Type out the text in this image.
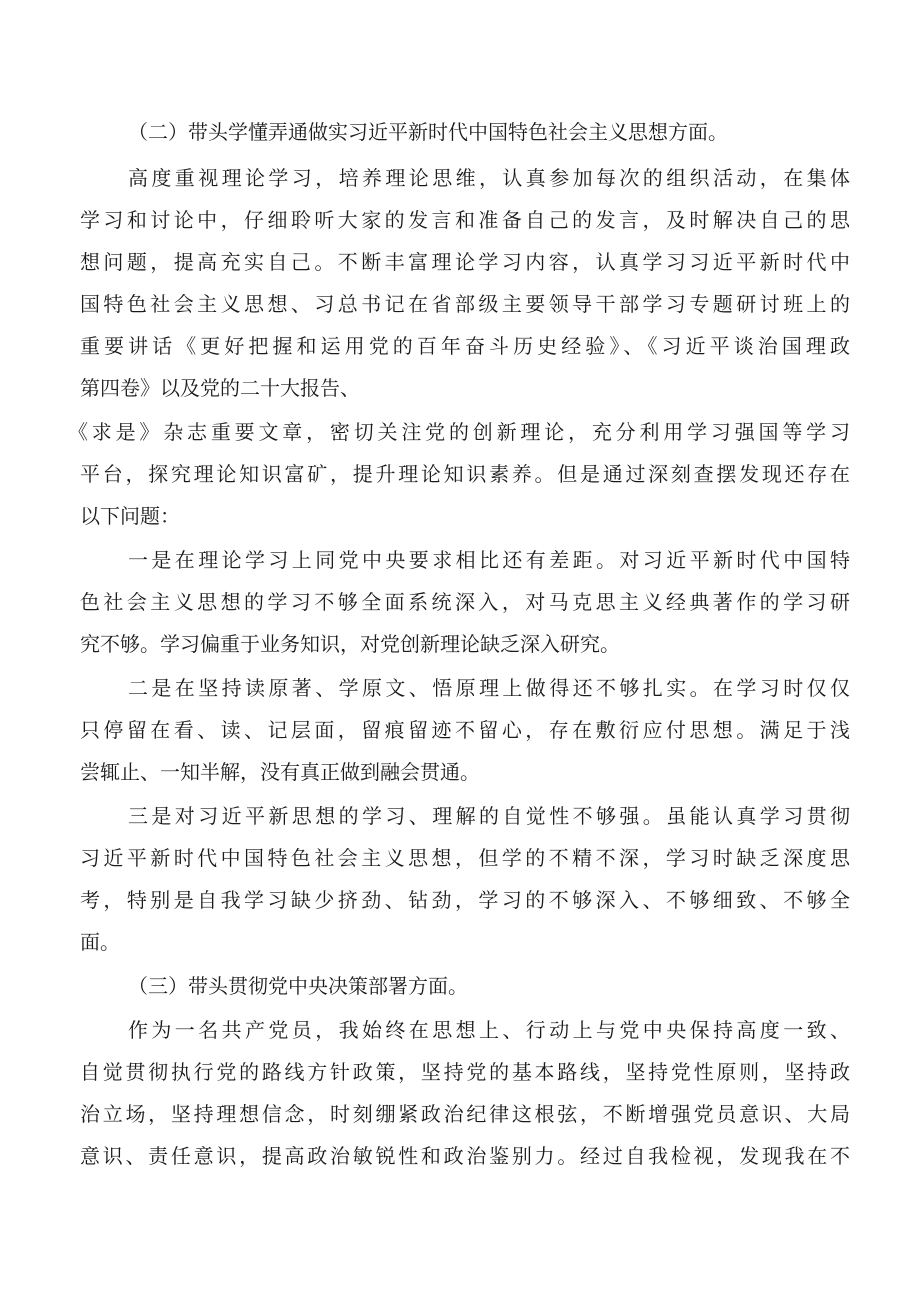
（二）带头学懂弄通做实习近平新时代中国特色社会主义思想方面。
高度重视理论学习，培养理论思维，认真参加每次的组织活动，在集体
学习和讨论中，仔细聆听大家的发言和准备自己的发言，及时解决自己的思
想问题，提高充实自己。不断丰富理论学习内容，认真学习习近平新时代中
国特色社会主义思想、习总书记在省部级主要领导干部学习专题研讨班上的
重要讲话《更好把握和运用党的百年奋斗历史经验》、《习近平谈治国理政
第四卷》以及党的二十大报告、
《求是》杂志重要文章，密切关注党的创新理论，充分利用学习强国等学习
平台，探究理论知识富矿，提升理论知识素养。但是通过深刻查摆发现还存在
以下问题：
一是在理论学习上同党中央要求相比还有差距。对习近平新时代中国特
色社会主义思想的学习不够全面系统深入，对马克思主义经典著作的学习研
究不够。学习偏重于业务知识，对党创新理论缺乏深入研究。
二是在坚持读原著、学原文、悟原理上做得还不够扎实。在学习时仅仅
只停留在看、读、记层面，留痕留迹不留心，存在敷衍应付思想。满足于浅
尝辄止、一知半解，没有真正做到融会贯通。
三是对习近平新思想的学习、理解的自觉性不够强。虽能认真学习贯彻
习近平新时代中国特色社会主义思想，但学的不精不深，学习时缺乏深度思
考，特别是自我学习缺少挤劲、钻劲，学习的不够深入、不够细致、不够全
面。
（三）带头贯彻党中央决策部署方面。
作为一名共产党员，我始终在思想上、行动上与党中央保持高度一致、
自觉贯彻执行党的路线方针政策，坚持党的基本路线，坚持党性原则，坚持政
治立场，坚持理想信念，时刻绷紧政治纪律这根弦，不断增强党员意识、大局
意识、责任意识，提高政治敏锐性和政治鉴别力。经过自我检视，发现我在不
